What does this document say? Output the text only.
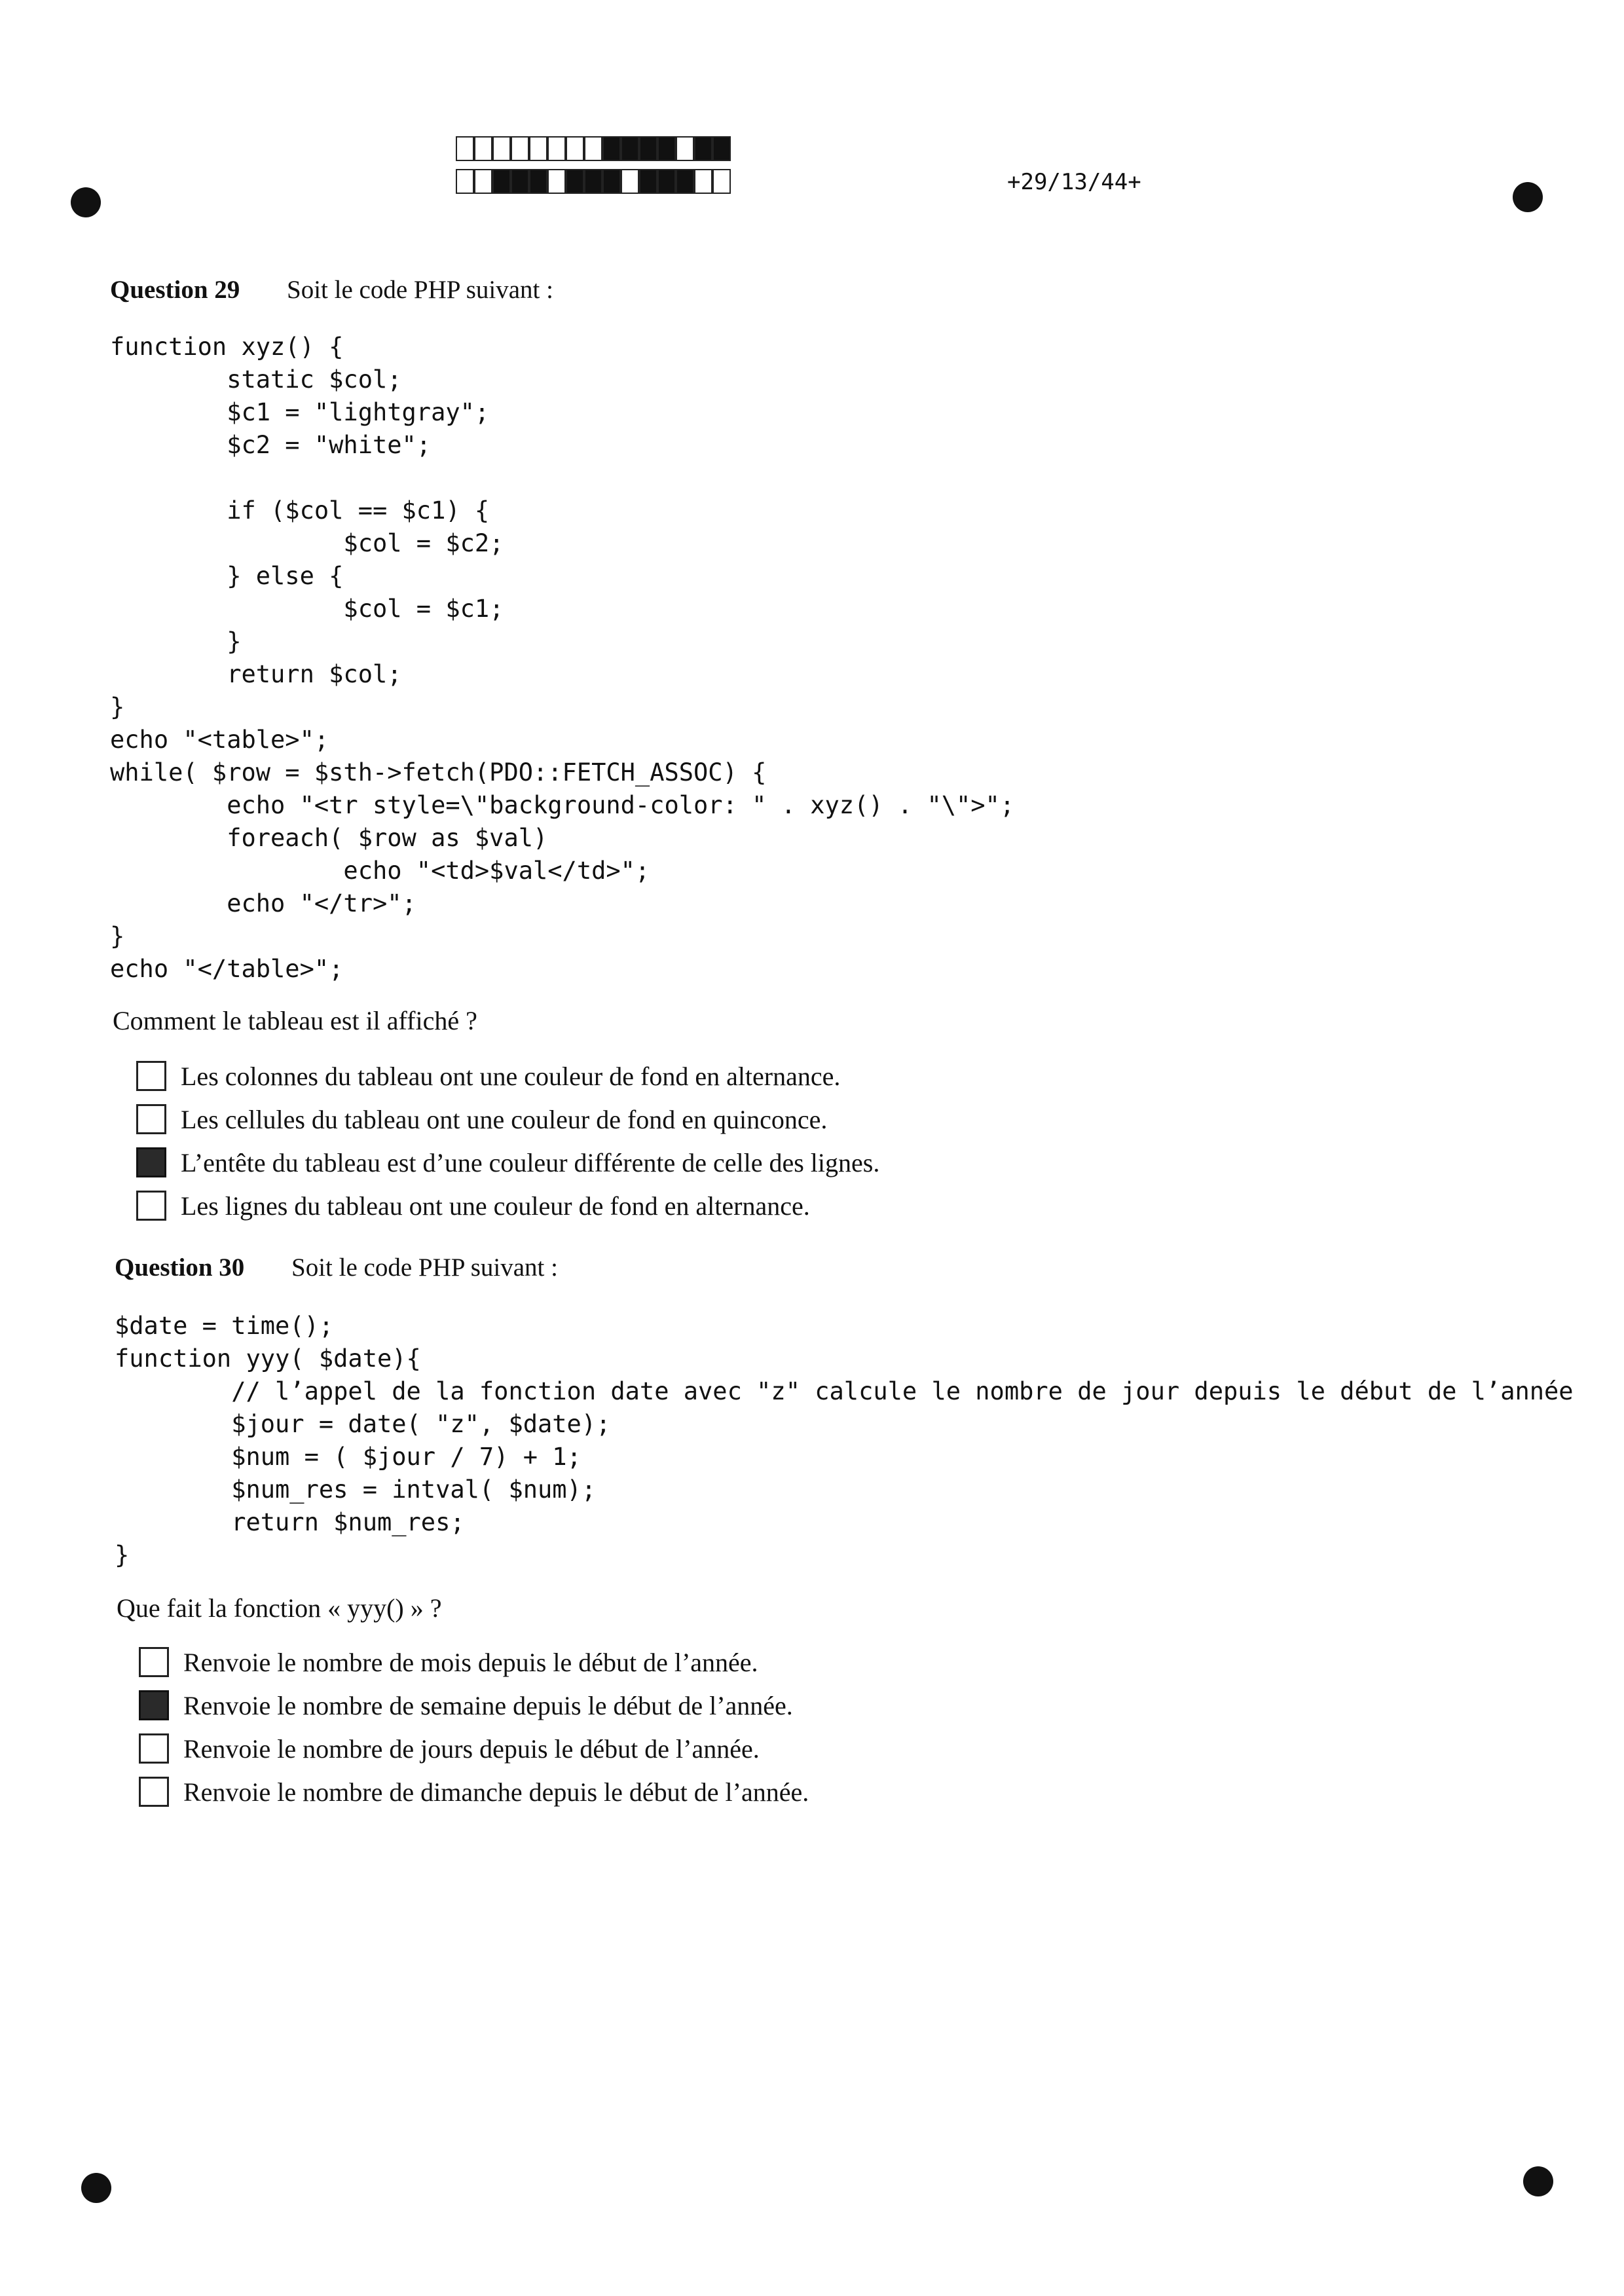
+29/13/44+
Question 29	Soit le code PHP suivant :
function xyz() {
static $col;
$c1 = "lightgray";
$c2 = "white";

if ($col == $c1) {
$col = $c2;
} else {
$col = $c1;
}
return $col;
}
echo "<table>";
while( $row = $sth->fetch(PDO::FETCH_ASSOC) {
echo "<tr style=\"background-color: " . xyz() . "\">";
foreach( $row as $val)
echo "<td>$val</td>";
echo "</tr>";
}
echo "</table>";
Comment le tableau est il affiché ?
Les colonnes du tableau ont une couleur de fond en alternance.
Les cellules du tableau ont une couleur de fond en quinconce.
L’entête du tableau est d’une couleur différente de celle des lignes.
Les lignes du tableau ont une couleur de fond en alternance.
Question 30	Soit le code PHP suivant :
$date = time();
function yyy( $date){
// l’appel de la fonction date avec "z" calcule le nombre de jour depuis le début de l’année
$jour = date( "z", $date);
$num = ( $jour / 7) + 1;
$num_res = intval( $num);
return $num_res;
}
Que fait la fonction « yyy() » ?
Renvoie le nombre de mois depuis le début de l’année.
Renvoie le nombre de semaine depuis le début de l’année.
Renvoie le nombre de jours depuis le début de l’année.
Renvoie le nombre de dimanche depuis le début de l’année.
